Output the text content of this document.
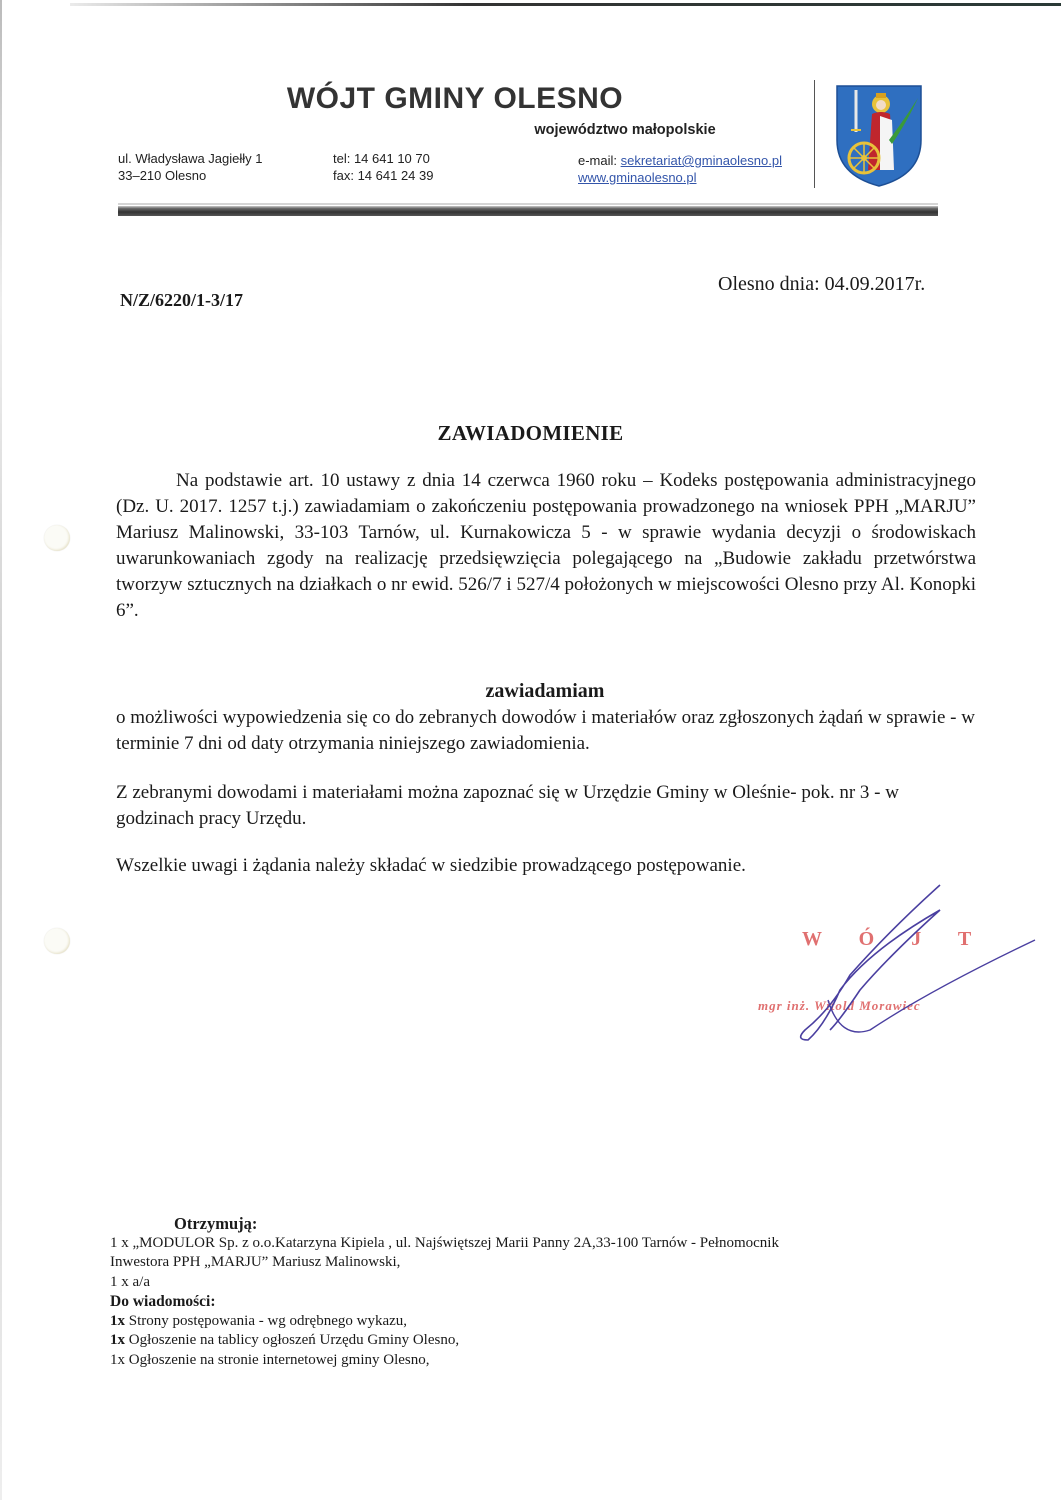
WÓJT GMINY OLESNO
województwo małopolskie
ul. Władysława Jagiełły 1
33–210 Olesno
tel: 14 641 10 70
fax: 14 641 24 39
e-mail: sekretariat@gminaolesno.pl
www.gminaolesno.pl
N/Z/6220/1-3/17
Olesno dnia: 04.09.2017r.
ZAWIADOMIENIE

Na podstawie art. 10 ustawy z dnia 14 czerwca 1960 roku – Kodeks postępowania administracyjnego (Dz. U. 2017. 1257 t.j.) zawiadamiam o zakończeniu postępowania prowadzonego na wniosek PPH „MARJU” Mariusz Malinowski, 33-103 Tarnów, ul. Kurnakowicza 5 - w sprawie wydania decyzji o środowiskach uwarunkowaniach zgody na realizację przedsięwzięcia polegającego na „Budowie zakładu przetwórstwa tworzyw sztucznych na działkach o nr ewid. 526/7 i 527/4 położonych w miejscowości Olesno przy Al. Konopki 6”.

zawiadamiam

o możliwości wypowiedzenia się co do zebranych dowodów i materiałów oraz zgłoszonych żądań w sprawie - w terminie 7 dni od daty otrzymania niniejszego zawiadomienia.

Z zebranymi dowodami i materiałami można zapoznać się w Urzędzie Gminy w Oleśnie- pok. nr 3 - w godzinach pracy Urzędu.

Wszelkie uwagi i żądania należy składać w siedzibie prowadzącego postępowanie.

W Ó J T
mgr inż. Witold Morawiec
Otrzymują:
1 x „MODULOR Sp. z o.o.Katarzyna Kipiela , ul. Najświętszej Marii Panny 2A,33-100 Tarnów - Pełnomocnik
Inwestora PPH „MARJU” Mariusz Malinowski,
1 x a/a
Do wiadomości:
1x Strony postępowania - wg odrębnego wykazu,
1x Ogłoszenie na tablicy ogłoszeń Urzędu Gminy Olesno,
1x Ogłoszenie na stronie internetowej gminy Olesno,
